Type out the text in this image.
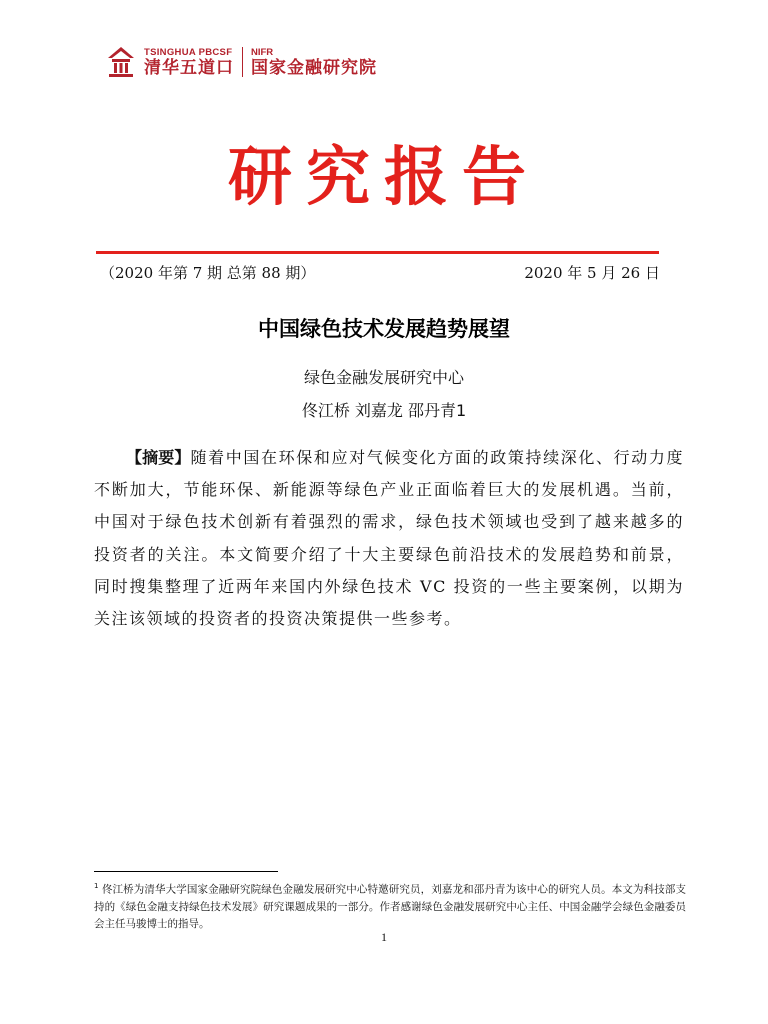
TSINGHUA PBCSF
清华五道口
NIFR
国家金融研究院
研究报告
（2020 年第 7 期 总第 88 期）	2020 年 5 月 26 日
中国绿色技术发展趋势展望
绿色金融发展研究中心
佟江桥 刘嘉龙 邵丹青1
【摘要】随着中国在环保和应对气候变化方面的政策持续深化、行动力度不断加大，节能环保、新能源等绿色产业正面临着巨大的发展机遇。当前，中国对于绿色技术创新有着强烈的需求，绿色技术领域也受到了越来越多的投资者的关注。本文简要介绍了十大主要绿色前沿技术的发展趋势和前景，同时搜集整理了近两年来国内外绿色技术 VC 投资的一些主要案例，以期为关注该领域的投资者的投资决策提供一些参考。
$^1$ 佟江桥为清华大学国家金融研究院绿色金融发展研究中心特邀研究员，刘嘉龙和邵丹青为该中心的研究人员。本文为科技部支持的《绿色金融支持绿色技术发展》研究课题成果的一部分。作者感谢绿色金融发展研究中心主任、中国金融学会绿色金融委员会主任马骏博士的指导。
1
